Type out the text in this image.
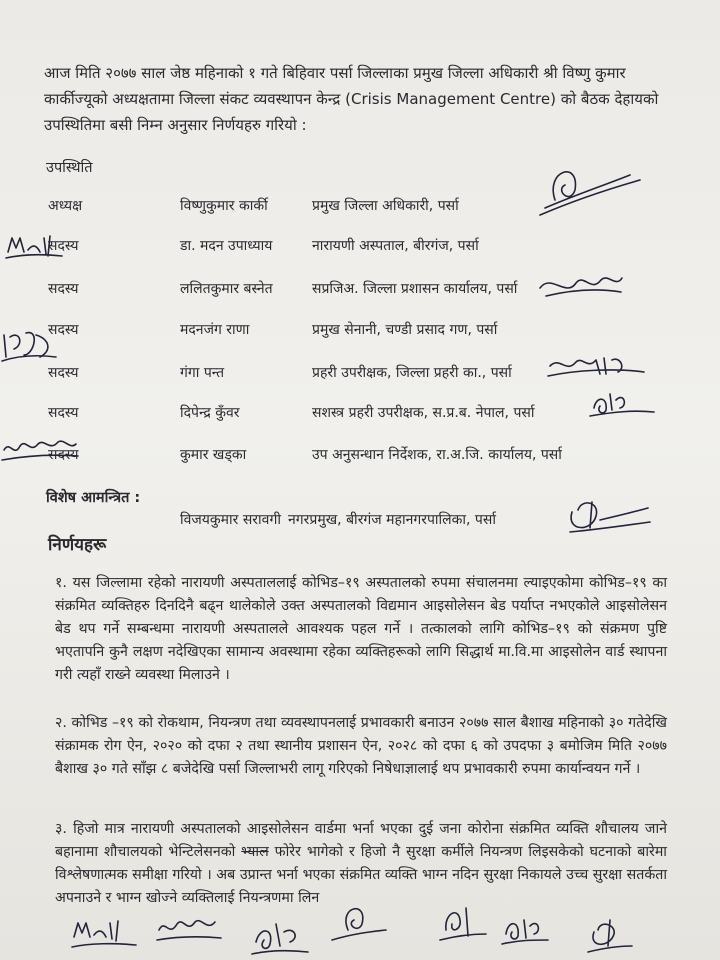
आज मिति २०७७ साल जेष्ठ महिनाको १ गते बिहिवार पर्सा जिल्लाका प्रमुख जिल्ला अधिकारी श्री विष्णु कुमार कार्कीज्यूको अध्यक्षतामा जिल्ला संकट व्यवस्थापन केन्द्र (Crisis Management Centre) को बैठक देहायको उपस्थितिमा बसी निम्न अनुसार निर्णयहरु गरियो :

उपस्थिति
अध्यक्ष	विष्णुकुमार कार्की	प्रमुख जिल्ला अधिकारी, पर्सा
सदस्य	डा. मदन उपाध्याय	नारायणी अस्पताल, बीरगंज, पर्सा
सदस्य	ललितकुमार बस्नेत	सप्रजिअ. जिल्ला प्रशासन कार्यालय, पर्सा
सदस्य	मदनजंग राणा	प्रमुख सेनानी, चण्डी प्रसाद गण, पर्सा
सदस्य	गंगा पन्त	प्रहरी उपरीक्षक, जिल्ला प्रहरी का., पर्सा
सदस्य	दिपेन्द्र कुँवर	सशस्त्र प्रहरी उपरीक्षक, स.प्र.ब. नेपाल, पर्सा
सदस्य	कुमार खड्का	उप अनुसन्धान निर्देशक, रा.अ.जि. कार्यालय, पर्सा
विशेष आमन्त्रित :
विजयकुमार सरावगी नगरप्रमुख, बीरगंज महानगरपालिका, पर्सा
निर्णयहरू

१. यस जिल्लामा रहेको नारायणी अस्पताललाई कोभिड–१९ अस्पतालको रुपमा संचालनमा ल्याइएकोमा कोभिड–१९ का संक्रमित व्यक्तिहरु दिनदिनै बढ्न थालेकोले उक्त अस्पतालको विद्यमान आइसोलेसन बेड पर्याप्त नभएकोले आइसोलेसन बेड थप गर्ने सम्बन्धमा नारायणी अस्पतालले आवश्यक पहल गर्ने । तत्कालको लागि कोभिड–१९ को संक्रमण पुष्टि भएतापनि कुनै लक्षण नदेखिएका सामान्य अवस्थामा रहेका व्यक्तिहरूको लागि सिद्धार्थ मा.वि.मा आइसोलेन वार्ड स्थापना गरी त्यहाँ राख्ने व्यवस्था मिलाउने ।

२. कोभिड –१९ को रोकथाम, नियन्त्रण तथा व्यवस्थापनलाई प्रभावकारी बनाउन २०७७ साल बैशाख महिनाको ३० गतेदेखि संक्रामक रोग ऐन, २०२० को दफा २ तथा स्थानीय प्रशासन ऐन, २०२८ को दफा ६ को उपदफा ३ बमोजिम मिति २०७७ बैशाख ३० गते साँझ ८ बजेदेखि पर्सा जिल्लाभरी लागू गरिएको निषेधाज्ञालाई थप प्रभावकारी रुपमा कार्यान्वयन गर्ने ।

३. हिजो मात्र नारायणी अस्पतालको आइसोलेसन वार्डमा भर्ना भएका दुई जना कोरोना संक्रमित व्यक्ति शौचालय जाने बहानामा शौचालयको भेन्टिलेसनको भ्याल फोरेर भागेको र हिजो नै सुरक्षा कर्मीले नियन्त्रण लिइसकेको घटनाको बारेमा विश्लेषणात्मक समीक्षा गरियो । अब उप्रान्त भर्ना भएका संक्रमित व्यक्ति भाग्न नदिन सुरक्षा निकायले उच्च सुरक्षा सतर्कता अपनाउने र भाग्न खोज्ने व्यक्तिलाई नियन्त्रणमा लिन
